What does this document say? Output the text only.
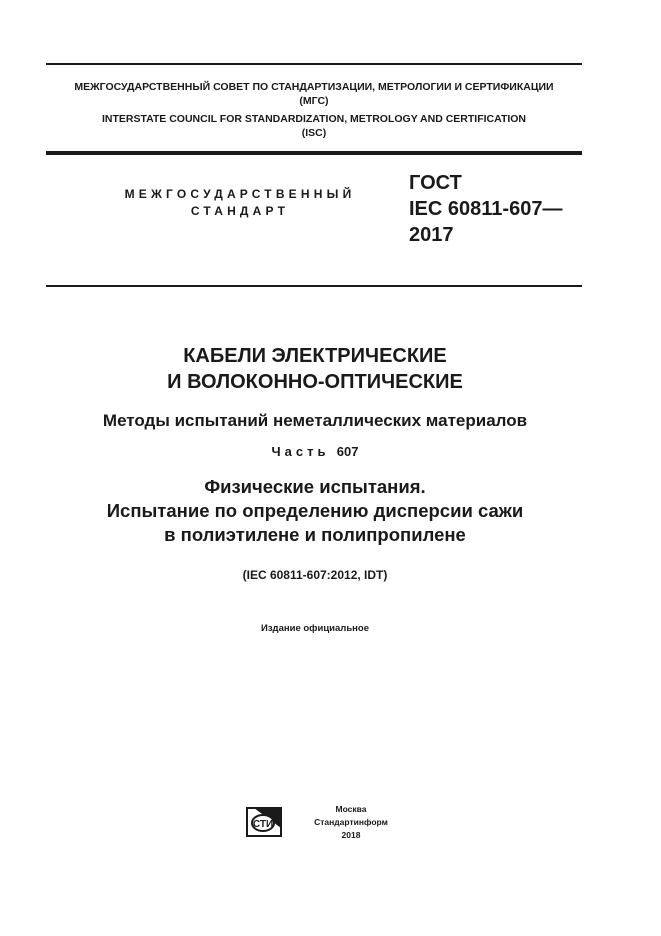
МЕЖГОСУДАРСТВЕННЫЙ СОВЕТ ПО СТАНДАРТИЗАЦИИ, МЕТРОЛОГИИ И СЕРТИФИКАЦИИ
(МГС)
INTERSTATE COUNCIL FOR STANDARDIZATION, METROLOGY AND CERTIFICATION
(ISC)
МЕЖГОСУДАРСТВЕННЫЙ
СТАНДАРТ
ГОСТ
IEC 60811-607—
2017
КАБЕЛИ ЭЛЕКТРИЧЕСКИЕ
И ВОЛОКОННО-ОПТИЧЕСКИЕ
Методы испытаний неметаллических материалов
Часть 607
Физические испытания.
Испытание по определению дисперсии сажи
в полиэтилене и полипропилене
(IEC 60811-607:2012, IDT)
Издание официальное
СТИ
Москва
Стандартинформ
2018
